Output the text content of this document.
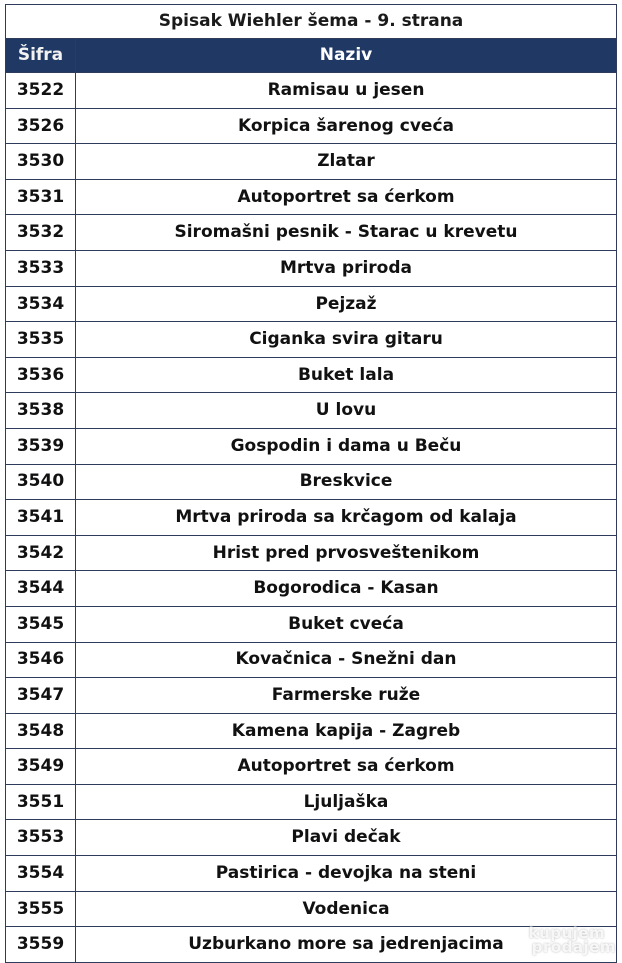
Spisak Wiehler šema - 9. strana	
Šifra	Naziv
3522	Ramisau u jesen
3526	Korpica šarenog cveća
3530	Zlatar
3531	Autoportret sa ćerkom
3532	Siromašni pesnik - Starac u krevetu
3533	Mrtva priroda
3534	Pejzaž
3535	Ciganka svira gitaru
3536	Buket lala
3538	U lovu
3539	Gospodin i dama u Beču
3540	Breskvice
3541	Mrtva priroda sa krčagom od kalaja
3542	Hrist pred prvosveštenikom
3544	Bogorodica - Kasan
3545	Buket cveća
3546	Kovačnica - Snežni dan
3547	Farmerske ruže
3548	Kamena kapija - Zagreb
3549	Autoportret sa ćerkom
3551	Ljuljaška
3553	Plavi dečak
3554	Pastirica - devojka na steni
3555	Vodenica
3559	Uzburkano more sa jedrenjacima
kupujem
prodajem
